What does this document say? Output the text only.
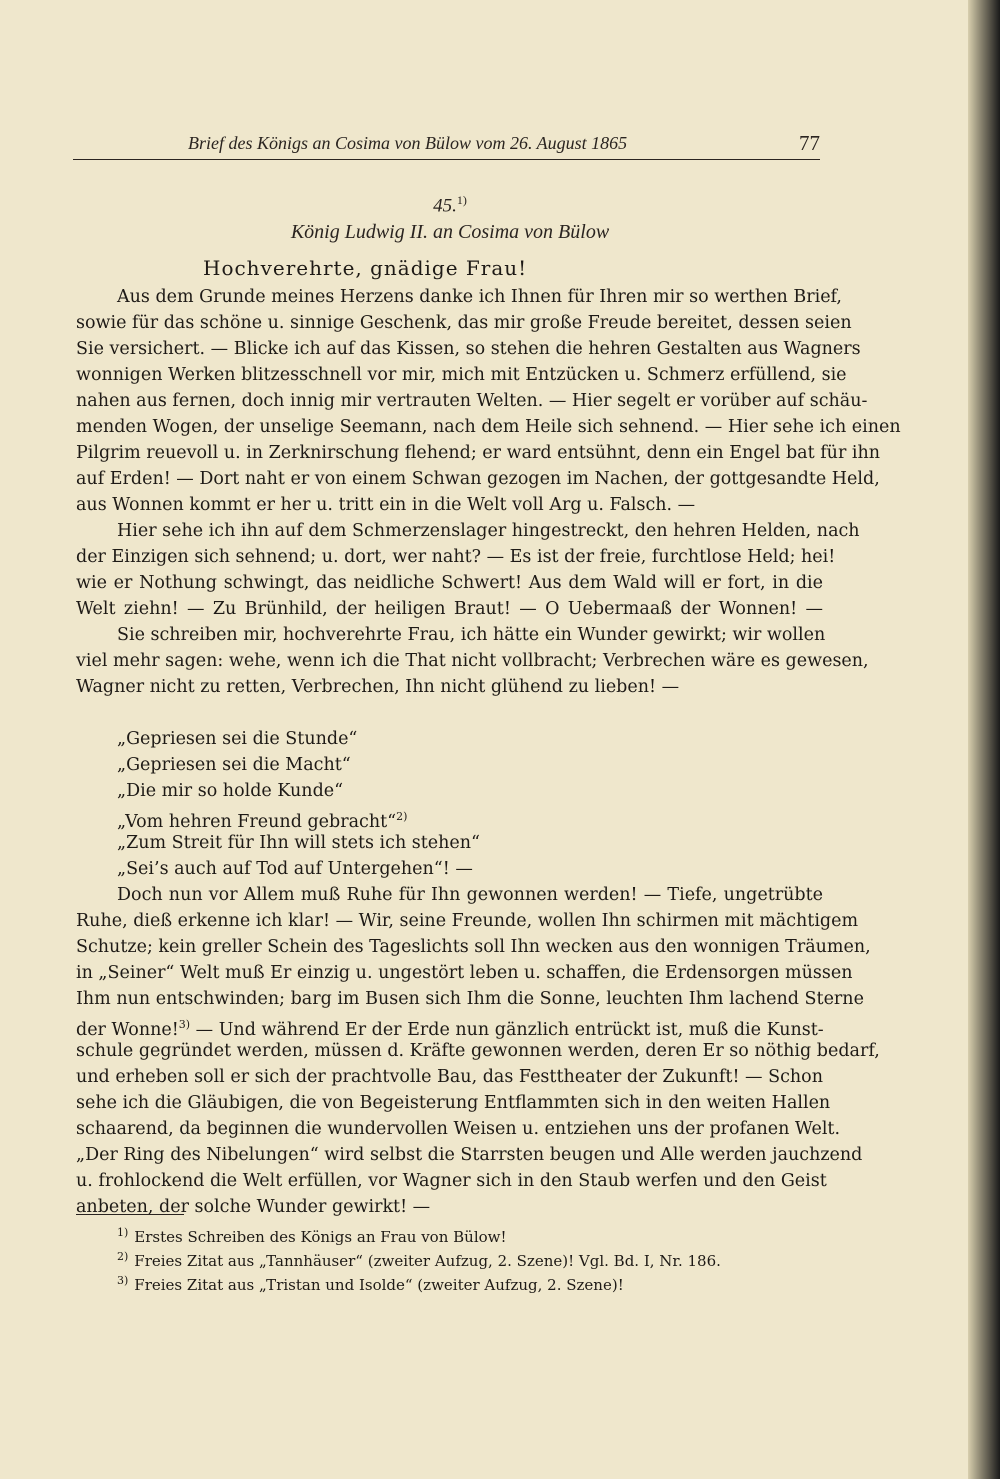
Brief des Königs an Cosima von Bülow vom 26. August 1865	77
45.$^{1)}$
König Ludwig II. an Cosima von Bülow
Hochverehrte, gnädige Frau!
Aus dem Grunde meines Herzens danke ich Ihnen für Ihren mir so werthen Brief,
sowie für das schöne u. sinnige Geschenk, das mir große Freude bereitet, dessen seien
Sie versichert. — Blicke ich auf das Kissen, so stehen die hehren Gestalten aus Wagners
wonnigen Werken blitzesschnell vor mir, mich mit Entzücken u. Schmerz erfüllend, sie
nahen aus fernen, doch innig mir vertrauten Welten. — Hier segelt er vorüber auf schäu-
menden Wogen, der unselige Seemann, nach dem Heile sich sehnend. — Hier sehe ich einen
Pilgrim reuevoll u. in Zerknirschung flehend; er ward entsühnt, denn ein Engel bat für ihn
auf Erden! — Dort naht er von einem Schwan gezogen im Nachen, der gottgesandte Held,
aus Wonnen kommt er her u. tritt ein in die Welt voll Arg u. Falsch. —
Hier sehe ich ihn auf dem Schmerzenslager hingestreckt, den hehren Helden, nach
der Einzigen sich sehnend; u. dort, wer naht? — Es ist der freie, furchtlose Held; hei!
wie er Nothung schwingt, das neidliche Schwert! Aus dem Wald will er fort, in die
Welt ziehn! — Zu Brünhild, der heiligen Braut! — O Uebermaaß der Wonnen! —
Sie schreiben mir, hochverehrte Frau, ich hätte ein Wunder gewirkt; wir wollen
viel mehr sagen: wehe, wenn ich die That nicht vollbracht; Verbrechen wäre es gewesen,
Wagner nicht zu retten, Verbrechen, Ihn nicht glühend zu lieben! —
„Gepriesen sei die Stunde“
„Gepriesen sei die Macht“
„Die mir so holde Kunde“
„Vom hehren Freund gebracht“$^{2)}$
„Zum Streit für Ihn will stets ich stehen“
„Sei’s auch auf Tod auf Untergehen“! —
Doch nun vor Allem muß Ruhe für Ihn gewonnen werden! — Tiefe, ungetrübte
Ruhe, dieß erkenne ich klar! — Wir, seine Freunde, wollen Ihn schirmen mit mächtigem
Schutze; kein greller Schein des Tageslichts soll Ihn wecken aus den wonnigen Träumen,
in „Seiner“ Welt muß Er einzig u. ungestört leben u. schaffen, die Erdensorgen müssen
Ihm nun entschwinden; barg im Busen sich Ihm die Sonne, leuchten Ihm lachend Sterne
der Wonne!$^{3)}$ — Und während Er der Erde nun gänzlich entrückt ist, muß die Kunst-
schule gegründet werden, müssen d. Kräfte gewonnen werden, deren Er so nöthig bedarf,
und erheben soll er sich der prachtvolle Bau, das Festtheater der Zukunft! — Schon
sehe ich die Gläubigen, die von Begeisterung Entflammten sich in den weiten Hallen
schaarend, da beginnen die wundervollen Weisen u. entziehen uns der profanen Welt.
„Der Ring des Nibelungen“ wird selbst die Starrsten beugen und Alle werden jauchzend
u. frohlockend die Welt erfüllen, vor Wagner sich in den Staub werfen und den Geist
anbeten, der solche Wunder gewirkt! —
$^{1)}$ Erstes Schreiben des Königs an Frau von Bülow!
$^{2)}$ Freies Zitat aus „Tannhäuser“ (zweiter Aufzug, 2. Szene)! Vgl. Bd. I, Nr. 186.
$^{3)}$ Freies Zitat aus „Tristan und Isolde“ (zweiter Aufzug, 2. Szene)!
